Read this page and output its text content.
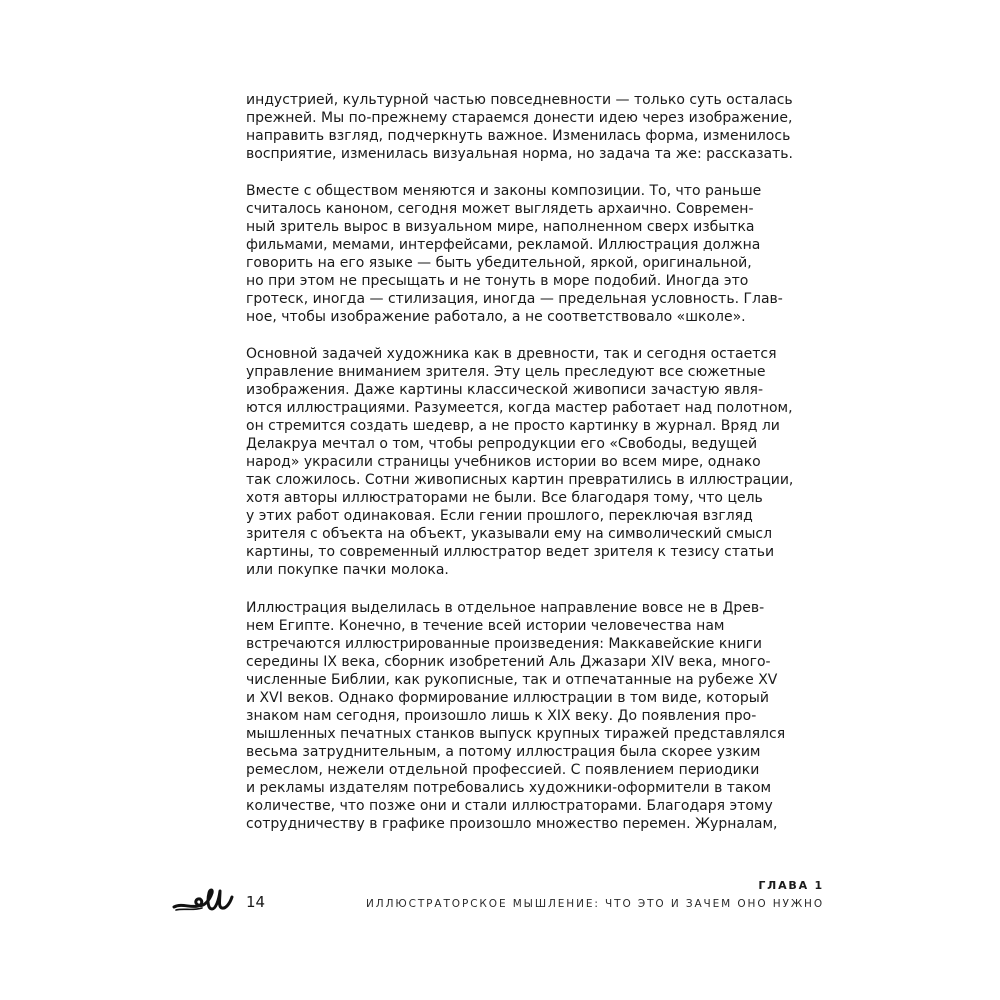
индустрией, культурной частью повседневности — только суть осталась
прежней. Мы по-прежнему стараемся донести идею через изображение,
направить взгляд, подчеркнуть важное. Изменилась форма, изменилось
восприятие, изменилась визуальная норма, но задача та же: рассказать.
Вместе с обществом меняются и законы композиции. То, что раньше
считалось каноном, сегодня может выглядеть архаично. Современ-
ный зритель вырос в визуальном мире, наполненном сверх избытка
фильмами, мемами, интерфейсами, рекламой. Иллюстрация должна
говорить на его языке — быть убедительной, яркой, оригинальной,
но при этом не пресыщать и не тонуть в море подобий. Иногда это
гротеск, иногда — стилизация, иногда — предельная условность. Глав-
ное, чтобы изображение работало, а не соответствовало «школе».
Основной задачей художника как в древности, так и сегодня остается
управление вниманием зрителя. Эту цель преследуют все сюжетные
изображения. Даже картины классической живописи зачастую явля-
ются иллюстрациями. Разумеется, когда мастер работает над полотном,
он стремится создать шедевр, а не просто картинку в журнал. Вряд ли
Делакруа мечтал о том, чтобы репродукции его «Свободы, ведущей
народ» украсили страницы учебников истории во всем мире, однако
так сложилось. Сотни живописных картин превратились в иллюстрации,
хотя авторы иллюстраторами не были. Все благодаря тому, что цель
у этих работ одинаковая. Если гении прошлого, переключая взгляд
зрителя с объекта на объект, указывали ему на символический смысл
картины, то современный иллюстратор ведет зрителя к тезису статьи
или покупке пачки молока.
Иллюстрация выделилась в отдельное направление вовсе не в Древ-
нем Египте. Конечно, в течение всей истории человечества нам
встречаются иллюстрированные произведения: Маккавейские книги
середины IX века, сборник изобретений Аль Джазари XIV века, много-
численные Библии, как рукописные, так и отпечатанные на рубеже XV
и XVI веков. Однако формирование иллюстрации в том виде, который
знаком нам сегодня, произошло лишь к XIX веку. До появления про-
мышленных печатных станков выпуск крупных тиражей представлялся
весьма затруднительным, а потому иллюстрация была скорее узким
ремеслом, нежели отдельной профессией. С появлением периодики
и рекламы издателям потребовались художники-оформители в таком
количестве, что позже они и стали иллюстраторами. Благодаря этому
сотрудничеству в графике произошло множество перемен. Журналам,
14
ГЛАВА 1
ИЛЛЮСТРАТОРСКОЕ МЫШЛЕНИЕ: ЧТО ЭТО И ЗАЧЕМ ОНО НУЖНО
